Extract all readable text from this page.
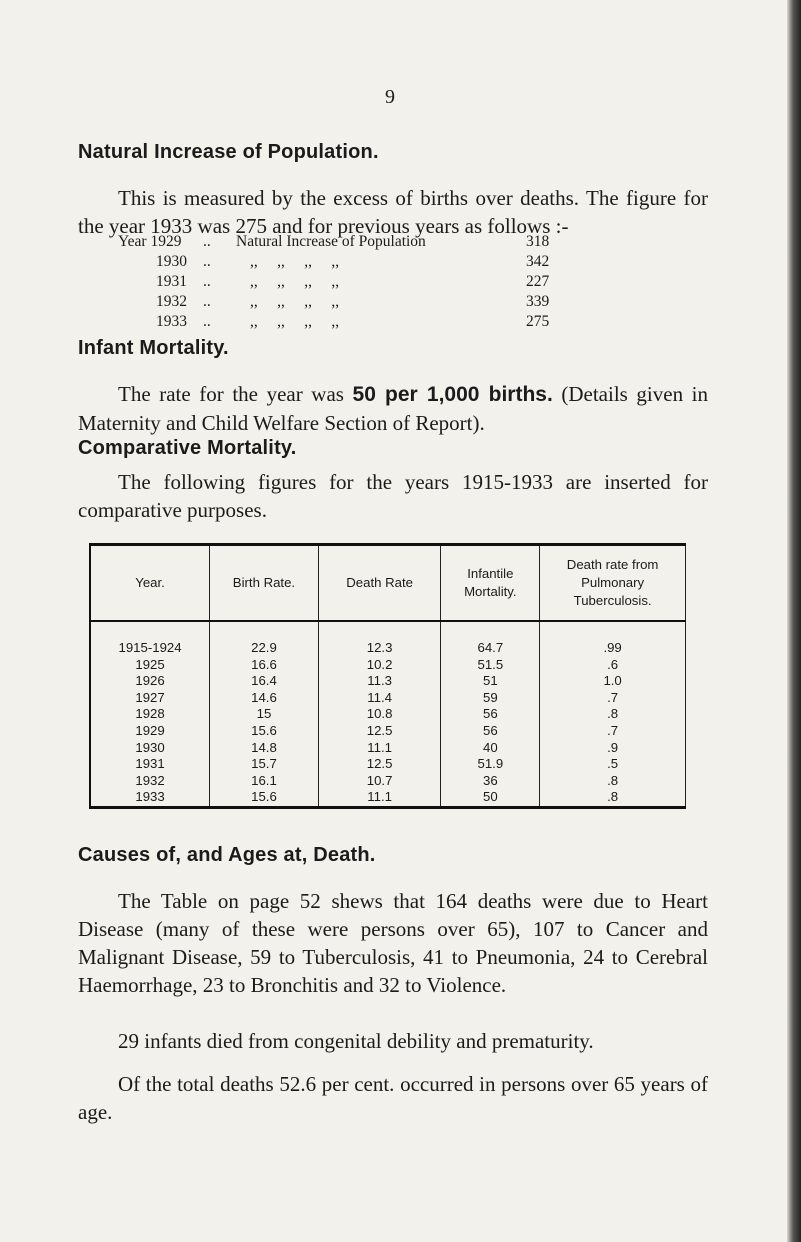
9
Natural Increase of Population.

This is measured by the excess of births over deaths. The figure for the year 1933 was 275 and for previous years as follows :-

Year 1929 .. Natural Increase of Population	318
1930 ..	,,     ,,     ,,     ,,	342
1931 ..	,,     ,,     ,,     ,,	227
1932 ..	,,     ,,     ,,     ,,	339
1933 ..	,,     ,,     ,,     ,,	275
Infant Mortality.

The rate for the year was 50 per 1,000 births. (Details given in Maternity and Child Welfare Section of Report).

Comparative Mortality.

The following figures for the years 1915-1933 are inserted for comparative purposes.

Year.	Birth Rate.	Death Rate	Infantile Mortality.	Death rate from Pulmonary Tuberculosis.
1915-1924	22.9	12.3	64.7	.99
1925	16.6	10.2	51.5	.6
1926	16.4	11.3	51	1.0
1927	14.6	11.4	59	.7
1928	15	10.8	56	.8
1929	15.6	12.5	56	.7
1930	14.8	11.1	40	.9
1931	15.7	12.5	51.9	.5
1932	16.1	10.7	36	.8
1933	15.6	11.1	50	.8
Causes of, and Ages at, Death.

The Table on page 52 shews that 164 deaths were due to Heart Disease (many of these were persons over 65), 107 to Cancer and Malignant Disease, 59 to Tuberculosis, 41 to Pneumonia, 24 to Cerebral Haemorrhage, 23 to Bronchitis and 32 to Violence.

29 infants died from congenital debility and prematurity.

Of the total deaths 52.6 per cent. occurred in persons over 65 years of age.
